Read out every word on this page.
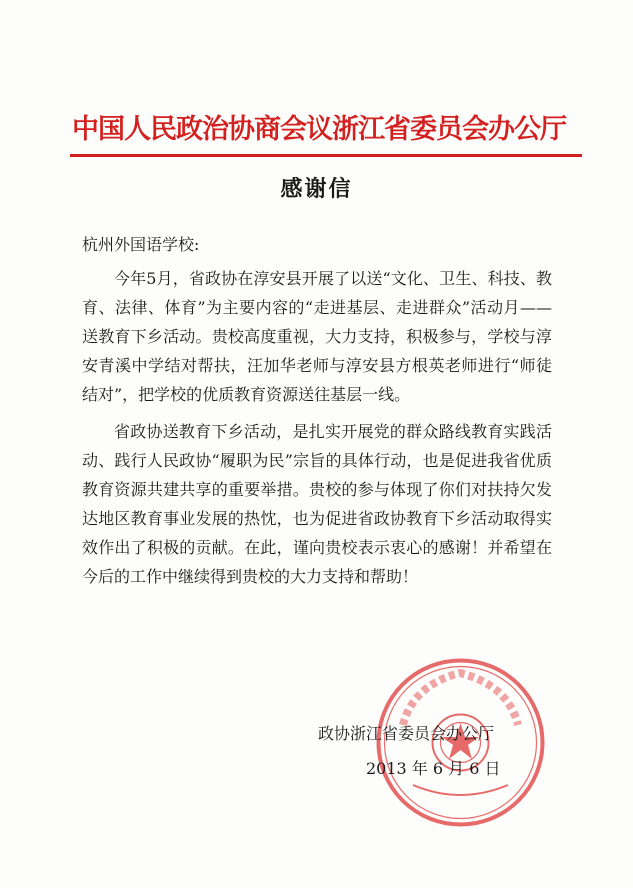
中国人民政治协商会议浙江省委员会办公厅
感谢信
杭州外国语学校:

今年5月，省政协在淳安县开展了以送“文化、卫生、科技、教育、法律、体育”为主要内容的“走进基层、走进群众”活动月——送教育下乡活动。贵校高度重视，大力支持，积极参与，学校与淳安青溪中学结对帮扶，汪加华老师与淳安县方根英老师进行“师徒结对”，把学校的优质教育资源送往基层一线。

省政协送教育下乡活动，是扎实开展党的群众路线教育实践活动、践行人民政协“履职为民”宗旨的具体行动，也是促进我省优质教育资源共建共享的重要举措。贵校的参与体现了你们对扶持欠发达地区教育事业发展的热忱，也为促进省政协教育下乡活动取得实效作出了积极的贡献。在此，谨向贵校表示衷心的感谢！并希望在今后的工作中继续得到贵校的大力支持和帮助！

政协浙江省委员会办公厅
2013 年 6 月 6 日
